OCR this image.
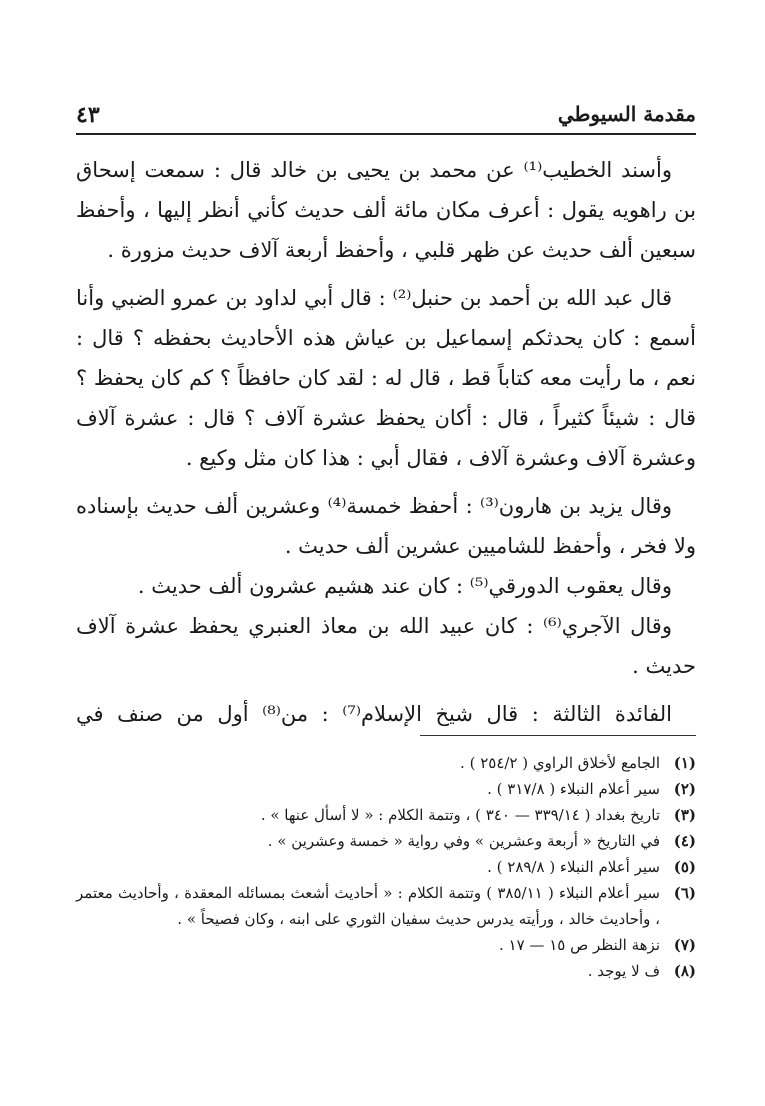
مقدمة السيوطي
٤٣

وأسند الخطيب⁽¹⁾ عن محمد بن يحيى بن خالد قال : سمعت إسحاق بن راهويه يقول : أعرف مكان مائة ألف حديث كأني أنظر إليها ، وأحفظ سبعين ألف حديث عن ظهر قلبي ، وأحفظ أربعة آلاف حديث مزورة .

قال عبد الله بن أحمد بن حنبل⁽²⁾ : قال أبي لداود بن عمرو الضبي وأنا أسمع : كان يحدثكم إسماعيل بن عياش هذه الأحاديث بحفظه ؟ قال : نعم ، ما رأيت معه كتاباً قط ، قال له : لقد كان حافظاً ؟ كم كان يحفظ ؟ قال : شيئاً كثيراً ، قال : أكان يحفظ عشرة آلاف ؟ قال : عشرة آلاف وعشرة آلاف وعشرة آلاف ، فقال أبي : هذا كان مثل وكيع .

وقال يزيد بن هارون⁽³⁾ : أحفظ خمسة⁽⁴⁾ وعشرين ألف حديث بإسناده ولا فخر ، وأحفظ للشاميين عشرين ألف حديث .

وقال يعقوب الدورقي⁽⁵⁾ : كان عند هشيم عشرون ألف حديث .

وقال الآجري⁽⁶⁾ : كان عبيد الله بن معاذ العنبري يحفظ عشرة آلاف حديث .

الفائدة الثالثة : قال شيخ الإسلام⁽⁷⁾ : من⁽⁸⁾ أول من صنف في

(١)الجامع لأخلاق الراوي ( ٢٥٤/٢ ) .

(٢)سير أعلام النبلاء ( ٣١٧/٨ ) .

(٣)تاريخ بغداد ( ٣٣٩/١٤ — ٣٤٠ ) ، وتتمة الكلام : « لا أسأل عنها » .

(٤)في التاريخ « أربعة وعشرين » وفي رواية « خمسة وعشرين » .

(٥)سير أعلام النبلاء ( ٢٨٩/٨ ) .

(٦)سير أعلام النبلاء ( ٣٨٥/١١ ) وتتمة الكلام : « أحاديث أشعث بمسائله المعقدة ، وأحاديث معتمر ، وأحاديث خالد ، ورأيته يدرس حديث سفيان الثوري على ابنه ، وكان فصيحاً » .

(٧)نزهة النظر ص ١٥ — ١٧ .

(٨)ف لا يوجد .
